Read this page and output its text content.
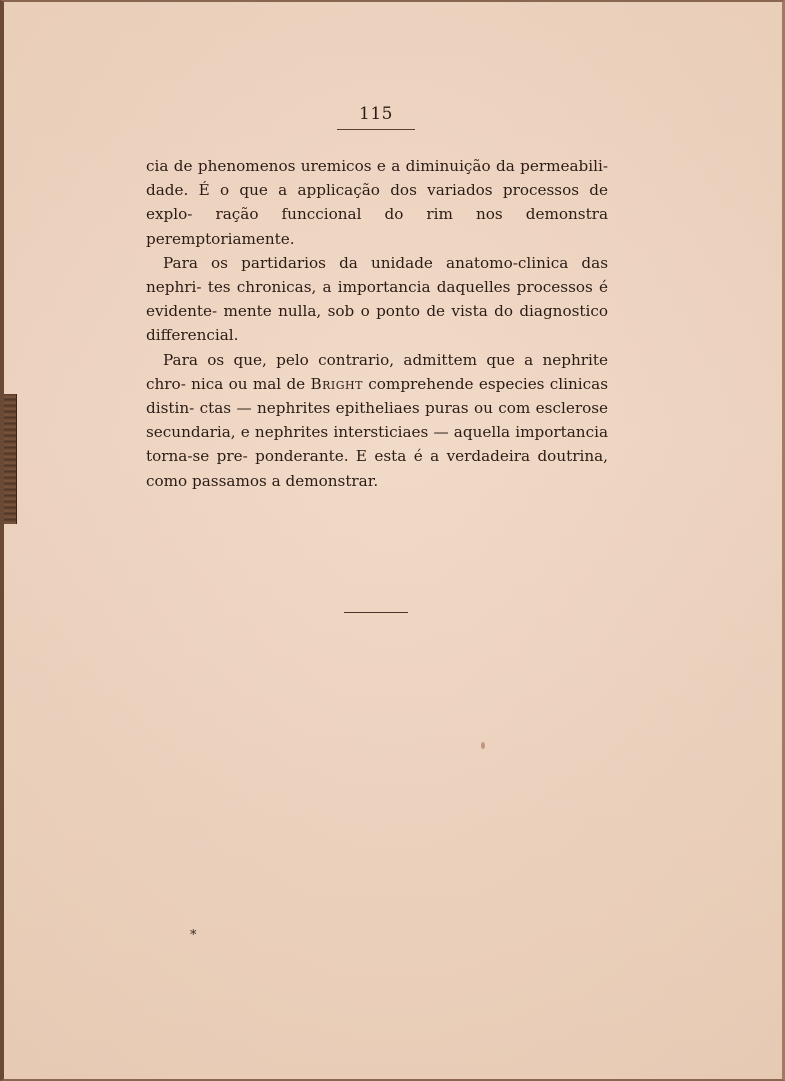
115

cia de phenomenos uremicos e a diminuição da permeabili- dade. É o que a applicação dos variados processos de explo- ração funccional do rim nos demonstra peremptoriamente.

Para os partidarios da unidade anatomo-clinica das nephri- tes chronicas, a importancia daquelles processos é evidente- mente nulla, sob o ponto de vista do diagnostico differencial.

Para os que, pelo contrario, admittem que a nephrite chro- nica ou mal de Bright comprehende especies clinicas distin- ctas — nephrites epitheliaes puras ou com esclerose secundaria, e nephrites intersticiaes — aquella importancia torna-se pre- ponderante. E esta é a verdadeira doutrina, como passamos a demonstrar.

*
